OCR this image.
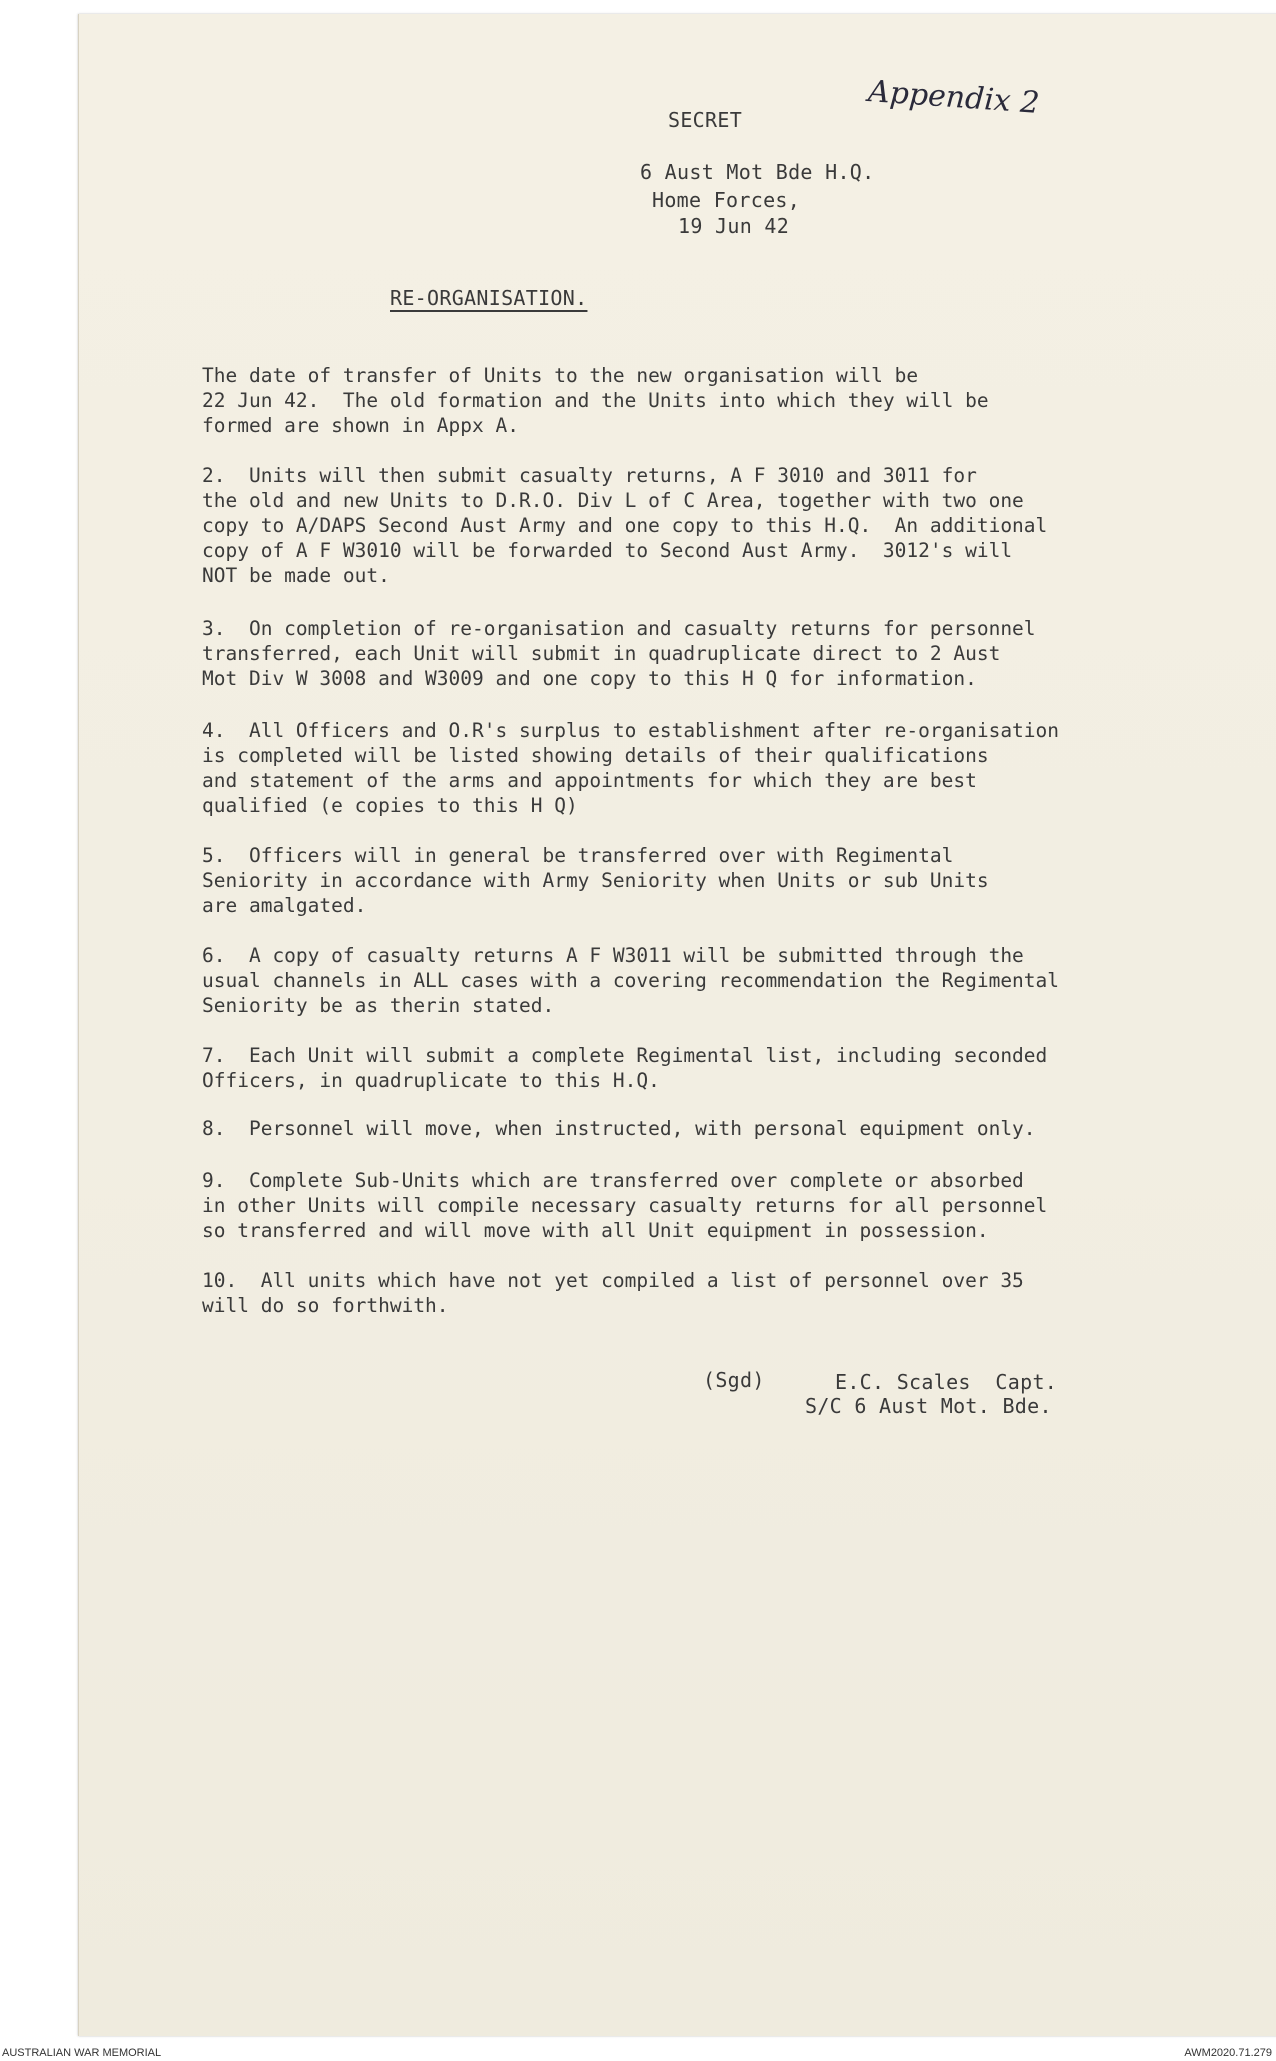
Appendix 2
SECRET
6 Aust Mot Bde H.Q.
Home Forces,
19 Jun 42
RE-ORGANISATION.
The date of transfer of Units to the new organisation will be
22 Jun 42.  The old formation and the Units into which they will be
formed are shown in Appx A.
2.  Units will then submit casualty returns, A F 3010 and 3011 for
the old and new Units to D.R.O. Div L of C Area, together with two one
copy to A/DAPS Second Aust Army and one copy to this H.Q.  An additional
copy of A F W3010 will be forwarded to Second Aust Army.  3012's will
NOT be made out.
3.  On completion of re-organisation and casualty returns for personnel
transferred, each Unit will submit in quadruplicate direct to 2 Aust
Mot Div W 3008 and W3009 and one copy to this H Q for information.
4.  All Officers and O.R's surplus to establishment after re-organisation
is completed will be listed showing details of their qualifications
and statement of the arms and appointments for which they are best
qualified (e copies to this H Q)
5.  Officers will in general be transferred over with Regimental
Seniority in accordance with Army Seniority when Units or sub Units
are amalgated.
6.  A copy of casualty returns A F W3011 will be submitted through the
usual channels in ALL cases with a covering recommendation the Regimental
Seniority be as therin stated.
7.  Each Unit will submit a complete Regimental list, including seconded
Officers, in quadruplicate to this H.Q.
8.  Personnel will move, when instructed, with personal equipment only.
9.  Complete Sub-Units which are transferred over complete or absorbed
in other Units will compile necessary casualty returns for all personnel
so transferred and will move with all Unit equipment in possession.
10.  All units which have not yet compiled a list of personnel over 35
will do so forthwith.
(Sgd)	E.C. Scales  Capt.
S/C 6 Aust Mot. Bde.
AUSTRALIAN WAR MEMORIAL	AWM2020.71.279
